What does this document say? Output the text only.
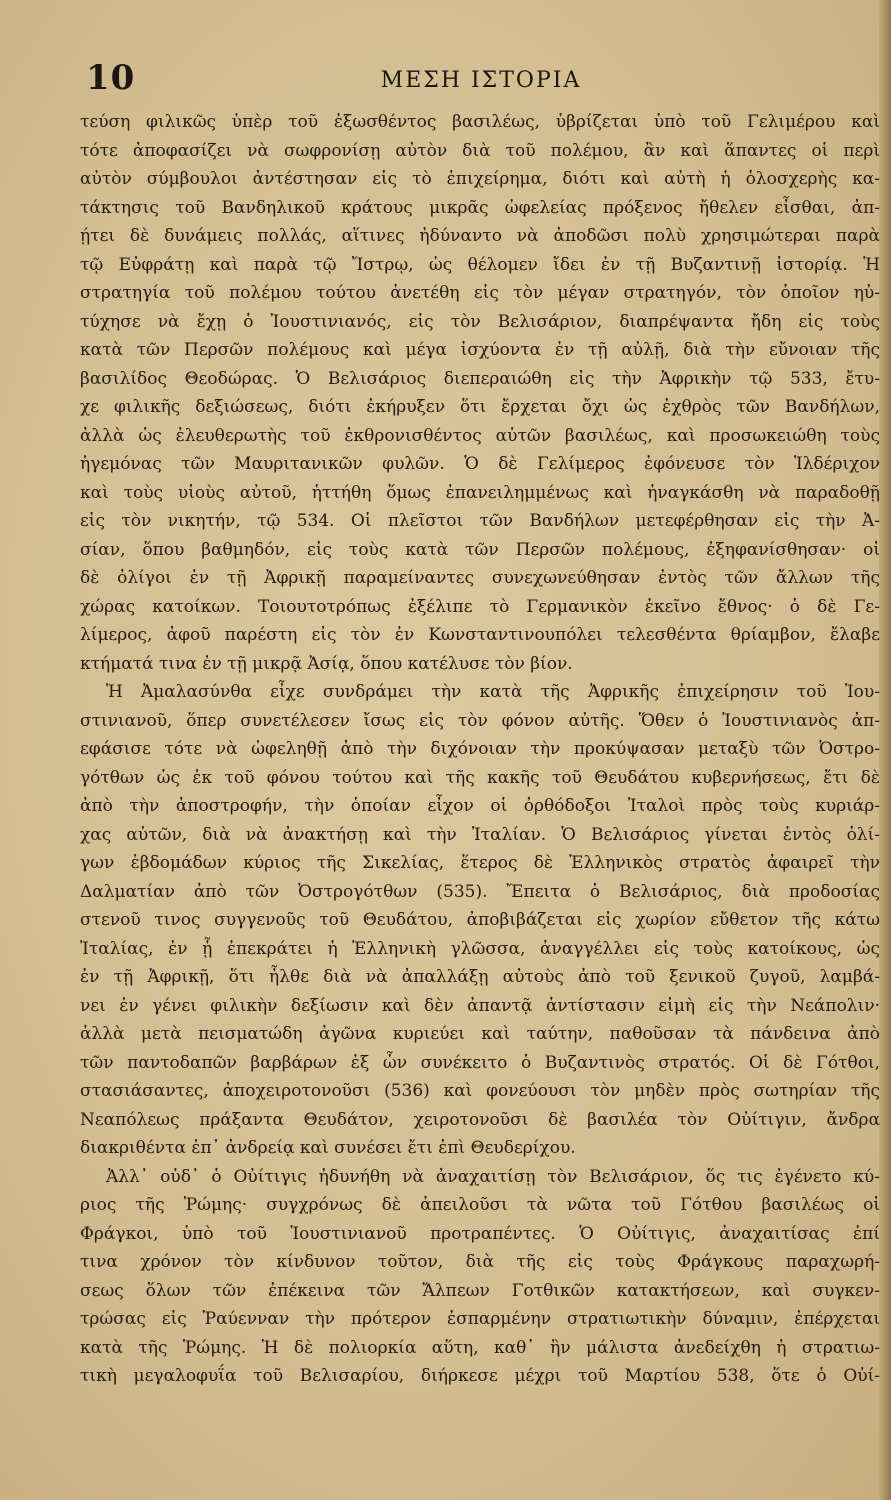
10	ΜΕΣΗ ΙΣΤΟΡΙΑ
τεύση φιλικῶς ὑπὲρ τοῦ ἐξωσθέντος βασιλέως, ὑβρίζεται ὑπὸ τοῦ Γελιμέρου καὶ
τότε ἀποφασίζει νὰ σωφρονίσῃ αὐτὸν διὰ τοῦ πολέμου, ἂν καὶ ἅπαντες οἱ περὶ
αὐτὸν σύμβουλοι ἀντέστησαν εἰς τὸ ἐπιχείρημα, διότι καὶ αὐτὴ ἡ ὁλοσχερὴς κα-
τάκτησις τοῦ Βανδηλικοῦ κράτους μικρᾶς ὠφελείας πρόξενος ἤθελεν εἶσθαι, ἀπ-
ῄτει δὲ δυνάμεις πολλάς, αἵτινες ἠδύναντο νὰ ἀποδῶσι πολὺ χρησιμώτεραι παρὰ
τῷ Εὐφράτῃ καὶ παρὰ τῷ Ἴστρῳ, ὡς θέλομεν ἴδει ἐν τῇ Βυζαντινῇ ἱστορίᾳ. Ἡ
στρατηγία τοῦ πολέμου τούτου ἀνετέθη εἰς τὸν μέγαν στρατηγόν, τὸν ὁποῖον ηὐ-
τύχησε νὰ ἔχῃ ὁ Ἰουστινιανός, εἰς τὸν Βελισάριον, διαπρέψαντα ἤδη εἰς τοὺς
κατὰ τῶν Περσῶν πολέμους καὶ μέγα ἰσχύοντα ἐν τῇ αὐλῇ, διὰ τὴν εὔνοιαν τῆς
βασιλίδος Θεοδώρας. Ὁ Βελισάριος διεπεραιώθη εἰς τὴν Ἀφρικὴν τῷ 533, ἔτυ-
χε φιλικῆς δεξιώσεως, διότι ἐκήρυξεν ὅτι ἔρχεται ὄχι ὡς ἐχθρὸς τῶν Βανδήλων,
ἀλλὰ ὡς ἐλευθερωτὴς τοῦ ἐκθρονισθέντος αὐτῶν βασιλέως, καὶ προσωκειώθη τοὺς
ἡγεμόνας τῶν Μαυριτανικῶν φυλῶν. Ὁ δὲ Γελίμερος ἐφόνευσε τὸν Ἱλδέριχον
καὶ τοὺς υἱοὺς αὐτοῦ, ἡττήθη ὅμως ἐπανειλημμένως καὶ ἠναγκάσθη νὰ παραδοθῇ
εἰς τὸν νικητήν, τῷ 534. Οἱ πλεῖστοι τῶν Βανδήλων μετεφέρθησαν εἰς τὴν Ἀ-
σίαν, ὅπου βαθμηδόν, εἰς τοὺς κατὰ τῶν Περσῶν πολέμους, ἐξηφανίσθησαν· οἱ
δὲ ὀλίγοι ἐν τῇ Ἀφρικῇ παραμείναντες συνεχωνεύθησαν ἐντὸς τῶν ἄλλων τῆς
χώρας κατοίκων. Τοιουτοτρόπως ἐξέλιπε τὸ Γερμανικὸν ἐκεῖνο ἔθνος· ὁ δὲ Γε-
λίμερος, ἀφοῦ παρέστη εἰς τὸν ἐν Κωνσταντινουπόλει τελεσθέντα θρίαμβον, ἔλαβε
κτήματά τινα ἐν τῇ μικρᾷ Ἀσίᾳ, ὅπου κατέλυσε τὸν βίον.
Ἡ Ἀμαλασύνθα εἶχε συνδράμει τὴν κατὰ τῆς Ἀφρικῆς ἐπιχείρησιν τοῦ Ἰου-
στινιανοῦ, ὅπερ συνετέλεσεν ἴσως εἰς τὸν φόνον αὐτῆς. Ὅθεν ὁ Ἰουστινιανὸς ἀπ-
εφάσισε τότε νὰ ὠφεληθῇ ἀπὸ τὴν διχόνοιαν τὴν προκύψασαν μεταξὺ τῶν Ὀστρο-
γότθων ὡς ἐκ τοῦ φόνου τούτου καὶ τῆς κακῆς τοῦ Θευδάτου κυβερνήσεως, ἔτι δὲ
ἀπὸ τὴν ἀποστροφήν, τὴν ὁποίαν εἶχον οἱ ὀρθόδοξοι Ἰταλοὶ πρὸς τοὺς κυριάρ-
χας αὐτῶν, διὰ νὰ ἀνακτήσῃ καὶ τὴν Ἰταλίαν. Ὁ Βελισάριος γίνεται ἐντὸς ὀλί-
γων ἑβδομάδων κύριος τῆς Σικελίας, ἕτερος δὲ Ἑλληνικὸς στρατὸς ἀφαιρεῖ τὴν
Δαλματίαν ἀπὸ τῶν Ὀστρογότθων (535). Ἔπειτα ὁ Βελισάριος, διὰ προδοσίας
στενοῦ τινος συγγενοῦς τοῦ Θευδάτου, ἀποβιβάζεται εἰς χωρίον εὔθετον τῆς κάτω
Ἰταλίας, ἐν ᾗ ἐπεκράτει ἡ Ἑλληνικὴ γλῶσσα, ἀναγγέλλει εἰς τοὺς κατοίκους, ὡς
ἐν τῇ Ἀφρικῇ, ὅτι ἦλθε διὰ νὰ ἀπαλλάξῃ αὐτοὺς ἀπὸ τοῦ ξενικοῦ ζυγοῦ, λαμβά-
νει ἐν γένει φιλικὴν δεξίωσιν καὶ δὲν ἀπαντᾷ ἀντίστασιν εἰμὴ εἰς τὴν Νεάπολιν·
ἀλλὰ μετὰ πεισματώδη ἀγῶνα κυριεύει καὶ ταύτην, παθοῦσαν τὰ πάνδεινα ἀπὸ
τῶν παντοδαπῶν βαρβάρων ἐξ ὧν συνέκειτο ὁ Βυζαντινὸς στρατός. Οἱ δὲ Γότθοι,
στασιάσαντες, ἀποχειροτονοῦσι (536) καὶ φονεύουσι τὸν μηδὲν πρὸς σωτηρίαν τῆς
Νεαπόλεως πράξαντα Θευδάτον, χειροτονοῦσι δὲ βασιλέα τὸν Οὐίτιγιν, ἄνδρα
διακριθέντα ἐπ᾿ ἀνδρείᾳ καὶ συνέσει ἔτι ἐπὶ Θευδερίχου.
Ἀλλ᾿ οὐδ᾿ ὁ Οὐίτιγις ἠδυνήθη νὰ ἀναχαιτίσῃ τὸν Βελισάριον, ὅς τις ἐγένετο κύ-
ριος τῆς Ῥώμης· συγχρόνως δὲ ἀπειλοῦσι τὰ νῶτα τοῦ Γότθου βασιλέως οἱ
Φράγκοι, ὑπὸ τοῦ Ἰουστινιανοῦ προτραπέντες. Ὁ Οὐίτιγις, ἀναχαιτίσας ἐπί
τινα χρόνον τὸν κίνδυνον τοῦτον, διὰ τῆς εἰς τοὺς Φράγκους παραχωρή-
σεως ὅλων τῶν ἐπέκεινα τῶν Ἄλπεων Γοτθικῶν κατακτήσεων, καὶ συγκεν-
τρώσας εἰς Ῥαύενναν τὴν πρότερον ἐσπαρμένην στρατιωτικὴν δύναμιν, ἐπέρχεται
κατὰ τῆς Ῥώμης. Ἡ δὲ πολιορκία αὕτη, καθ᾿ ἣν μάλιστα ἀνεδείχθη ἡ στρατιω-
τικὴ μεγαλοφυΐα τοῦ Βελισαρίου, διήρκεσε μέχρι τοῦ Μαρτίου 538, ὅτε ὁ Οὐί-
